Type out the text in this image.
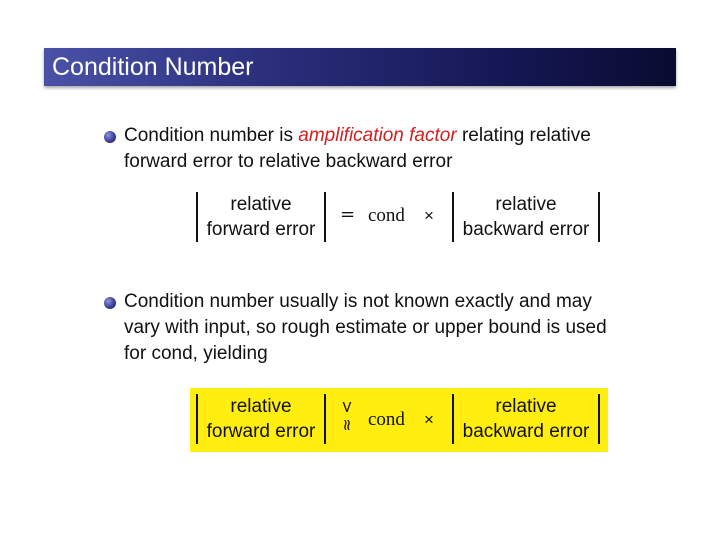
Condition Number
Condition number is amplification factor relating relative
forward error to relative backward error
relative
forward error
= cond ×
relative
backward error
Condition number usually is not known exactly and may
vary with input, so rough estimate or upper bound is used
for cond, yielding
relative
forward error
<
≈ cond ×
relative
backward error
